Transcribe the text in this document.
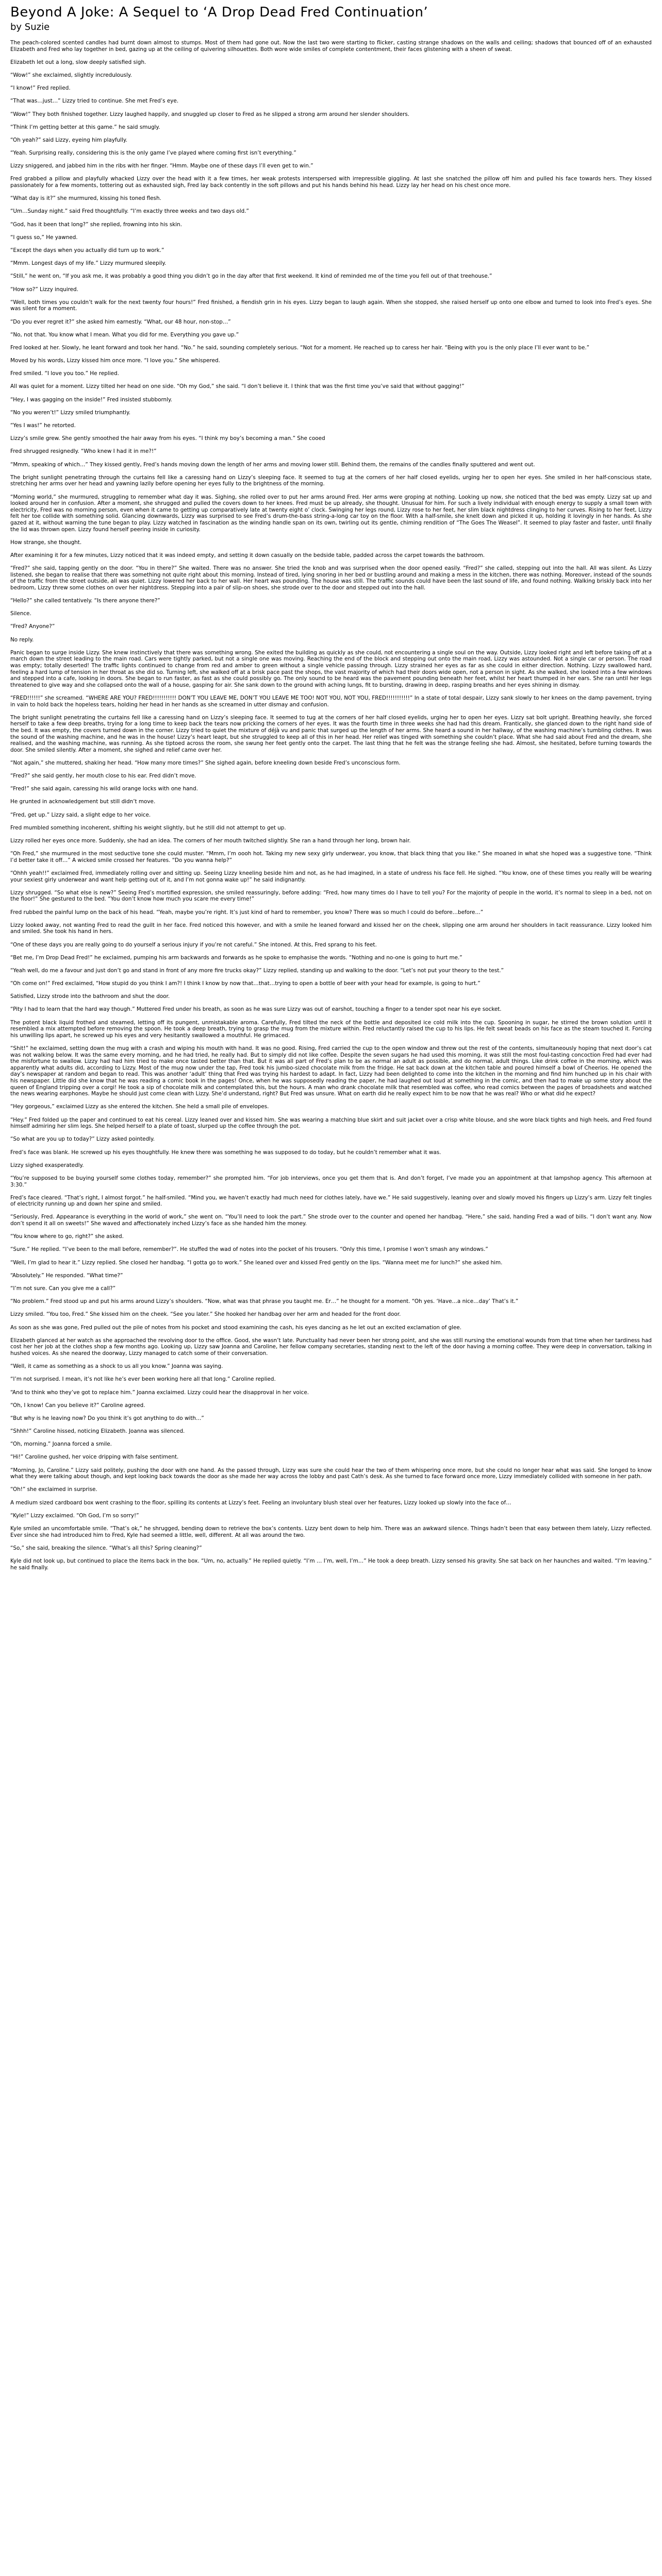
Beyond A Joke: A Sequel to ‘A Drop Dead Fred Continuation’
by Suzie

The peach-colored scented candles had burnt down almost to stumps. Most of them had gone out. Now the last two were starting to flicker, casting strange shadows on the walls and ceiling; shadows that bounced off of an exhausted Elizabeth and Fred who lay together in bed, gazing up at the ceiling of quivering silhouettes. Both wore wide smiles of complete contentment, their faces glistening with a sheen of sweat.

Elizabeth let out a long, slow deeply satisfied sigh.

“Wow!” she exclaimed, slightly incredulously.

“I know!” Fred replied.

“That was…just…” Lizzy tried to continue. She met Fred’s eye.

“Wow!” They both finished together. Lizzy laughed happily, and snuggled up closer to Fred as he slipped a strong arm around her slender shoulders.

“Think I’m getting better at this game.” he said smugly.

“Oh yeah?” said Lizzy, eyeing him playfully.

“Yeah. Surprising really, considering this is the only game I’ve played where coming first isn’t everything.”

Lizzy sniggered, and jabbed him in the ribs with her finger. “Hmm. Maybe one of these days I’ll even get to win.”

Fred grabbed a pillow and playfully whacked Lizzy over the head with it a few times, her weak protests interspersed with irrepressible giggling. At last she snatched the pillow off him and pulled his face towards hers. They kissed passionately for a few moments, tottering out as exhausted sigh, Fred lay back contently in the soft pillows and put his hands behind his head. Lizzy lay her head on his chest once more.

“What day is it?” she murmured, kissing his toned flesh.

“Um…Sunday night.” said Fred thoughtfully. “I’m exactly three weeks and two days old.”

“God, has it been that long?” she replied, frowning into his skin.

“I guess so,” He yawned.

“Except the days when you actually did turn up to work.”

“Mmm. Longest days of my life.” Lizzy murmured sleepily.

“Still,” he went on, “If you ask me, it was probably a good thing you didn’t go in the day after that first weekend. It kind of reminded me of the time you fell out of that treehouse.”

“How so?” Lizzy inquired.

“Well, both times you couldn’t walk for the next twenty four hours!” Fred finished, a fiendish grin in his eyes. Lizzy began to laugh again. When she stopped, she raised herself up onto one elbow and turned to look into Fred’s eyes. She was silent for a moment.

“Do you ever regret it?” she asked him earnestly. “What, our 48 hour, non-stop…”

“No, not that. You know what I mean. What you did for me. Everything you gave up.”

Fred looked at her. Slowly, he leant forward and took her hand. “No.” he said, sounding completely serious. “Not for a moment. He reached up to caress her hair. “Being with you is the only place I’ll ever want to be.”

Moved by his words, Lizzy kissed him once more. “I love you.” She whispered.

Fred smiled. “I love you too.” He replied.

All was quiet for a moment. Lizzy tilted her head on one side. “Oh my God,” she said. “I don’t believe it. I think that was the first time you’ve said that without gagging!”

“Hey, I was gagging on the inside!” Fred insisted stubbornly.

“No you weren’t!” Lizzy smiled triumphantly.

“Yes I was!” he retorted.

Lizzy’s smile grew. She gently smoothed the hair away from his eyes. “I think my boy’s becoming a man.” She cooed

Fred shrugged resignedly. “Who knew I had it in me?!”

“Mmm, speaking of which…” They kissed gently, Fred’s hands moving down the length of her arms and moving lower still. Behind them, the remains of the candles finally sputtered and went out.

The bright sunlight penetrating through the curtains fell like a caressing hand on Lizzy’s sleeping face. It seemed to tug at the corners of her half closed eyelids, urging her to open her eyes. She smiled in her half-conscious state, stretching her arms over her head and yawning lazily before opening her eyes fully to the brightness of the morning.

“Morning world,” she murmured, struggling to remember what day it was. Sighing, she rolled over to put her arms around Fred. Her arms were groping at nothing. Looking up now, she noticed that the bed was empty. Lizzy sat up and looked around her in confusion. After a moment, she shrugged and pulled the covers down to her knees. Fred must be up already, she thought. Unusual for him. For such a lively individual with enough energy to supply a small town with electricity, Fred was no morning person, even when it came to getting up comparatively late at twenty eight o’ clock. Swinging her legs round, Lizzy rose to her feet, her slim black nightdress clinging to her curves. Rising to her feet, Lizzy felt her toe collide with something solid. Glancing downwards, Lizzy was surprised to see Fred’s drum-the-bass string-a-long car toy on the floor. With a half-smile, she knelt down and picked it up, holding it lovingly in her hands. As she gazed at it, without warning the tune began to play. Lizzy watched in fascination as the winding handle span on its own, twirling out its gentle, chiming rendition of “The Goes The Weasel”. It seemed to play faster and faster, until finally the lid was thrown open. Lizzy found herself peering inside in curiosity.

How strange, she thought.

After examining it for a few minutes, Lizzy noticed that it was indeed empty, and setting it down casually on the bedside table, padded across the carpet towards the bathroom.

“Fred?” she said, tapping gently on the door. “You in there?” She waited. There was no answer. She tried the knob and was surprised when the door opened easily. “Fred?” she called, stepping out into the hall. All was silent. As Lizzy listened, she began to realise that there was something not quite right about this morning. Instead of tired, lying snoring in her bed or bustling around and making a mess in the kitchen, there was nothing. Moreover, instead of the sounds of the traffic from the street outside, all was quiet. Lizzy lowered her back to her wall. Her heart was pounding. The house was still. The traffic sounds could have been the last sound of life, and found nothing. Walking briskly back into her bedroom, Lizzy threw some clothes on over her nightdress. Stepping into a pair of slip-on shoes, she strode over to the door and stepped out into the hall.

“Hello?” she called tentatively. “Is there anyone there?”

Silence.

“Fred? Anyone?”

No reply.

Panic began to surge inside Lizzy. She knew instinctively that there was something wrong. She exited the building as quickly as she could, not encountering a single soul on the way. Outside, Lizzy looked right and left before taking off at a march down the street leading to the main road. Cars were tightly parked, but not a single one was moving. Reaching the end of the block and stepping out onto the main road, Lizzy was astounded. Not a single car or person. The road was empty; totally deserted! The traffic lights continued to change from red and amber to green without a single vehicle passing through. Lizzy strained her eyes as far as she could in either direction. Nothing. Lizzy swallowed hard, feeling a hard lump of tension in her throat as she did so. Turning left, she walked off at a brisk pace past the shops, the vast majority of which had their doors wide open, not a person in sight. As she walked, she looked into a few windows and stepped into a cafe, looking in doors. She began to run faster, as fast as she could possibly go. The only sound to be heard was the pavement pounding beneath her feet, whilst her heart thumped in her ears. She ran until her legs threatened to give way and she collapsed onto the wall of a house, gasping for air. She sank down to the ground with aching lungs, fit to bursting, drawing in deep, rasping breaths and her eyes shining in dismay.

“FRED!!!!!!” she screamed. “WHERE ARE YOU? FRED!!!!!!!!!!! DON’T YOU LEAVE ME, DON’T YOU LEAVE ME TOO! NOT YOU, NOT YOU, FRED!!!!!!!!!!!” In a state of total despair, Lizzy sank slowly to her knees on the damp pavement, trying in vain to hold back the hopeless tears, holding her head in her hands as she screamed in utter dismay and confusion.

The bright sunlight penetrating the curtains fell like a caressing hand on Lizzy’s sleeping face. It seemed to tug at the corners of her half closed eyelids, urging her to open her eyes. Lizzy sat bolt upright. Breathing heavily, she forced herself to take a few deep breaths, trying for a long time to keep back the tears now pricking the corners of her eyes. It was the fourth time in three weeks she had had this dream. Frantically, she glanced down to the right hand side of the bed. It was empty, the covers turned down in the corner. Lizzy tried to quiet the mixture of déjà vu and panic that surged up the length of her arms. She heard a sound in her hallway, of the washing machine’s tumbling clothes. It was the sound of the washing machine, and he was in the house! Lizzy’s heart leapt, but she struggled to keep all of this in her head. Her relief was tinged with something she couldn’t place. What she had said about Fred and the dream, she realised, and the washing machine, was running. As she tiptoed across the room, she swung her feet gently onto the carpet. The last thing that he felt was the strange feeling she had. Almost, she hesitated, before turning towards the door. She smiled silently. After a moment, she sighed and relief came over her.

“Not again,” she muttered, shaking her head. “How many more times?” She sighed again, before kneeling down beside Fred’s unconscious form.

“Fred?” she said gently, her mouth close to his ear. Fred didn’t move.

“Fred!” she said again, caressing his wild orange locks with one hand.

He grunted in acknowledgement but still didn’t move.

“Fred, get up.” Lizzy said, a slight edge to her voice.

Fred mumbled something incoherent, shifting his weight slightly, but he still did not attempt to get up.

Lizzy rolled her eyes once more. Suddenly, she had an idea. The corners of her mouth twitched slightly. She ran a hand through her long, brown hair.

“Oh Fred,” she murmured in the most seductive tone she could muster. “Mmm, I’m oooh hot. Taking my new sexy girly underwear, you know, that black thing that you like.” She moaned in what she hoped was a suggestive tone. “Think I’d better take it off…” A wicked smile crossed her features. “Do you wanna help?”

“Ohhh yeah!!” exclaimed Fred, immediately rolling over and sitting up. Seeing Lizzy kneeling beside him and not, as he had imagined, in a state of undress his face fell. He sighed. “You know, one of these times you really will be wearing your sexiest girly underwear and want help getting out of it, and I’m not gonna wake up!” he said indignantly.

Lizzy shrugged. “So what else is new?” Seeing Fred’s mortified expression, she smiled reassuringly, before adding: “Fred, how many times do I have to tell you? For the majority of people in the world, it’s normal to sleep in a bed, not on the floor!” She gestured to the bed. “You don’t know how much you scare me every time!”

Fred rubbed the painful lump on the back of his head. “Yeah, maybe you’re right. It’s just kind of hard to remember, you know? There was so much I could do before…before…”

Lizzy looked away, not wanting Fred to read the guilt in her face. Fred noticed this however, and with a smile he leaned forward and kissed her on the cheek, slipping one arm around her shoulders in tacit reassurance. Lizzy looked him and smiled. She took his hand in hers.

“One of these days you are really going to do yourself a serious injury if you’re not careful.” She intoned. At this, Fred sprang to his feet.

“Bet me, I’m Drop Dead Fred!” he exclaimed, pumping his arm backwards and forwards as he spoke to emphasise the words. “Nothing and no-one is going to hurt me.”

“Yeah well, do me a favour and just don’t go and stand in front of any more fire trucks okay?” Lizzy replied, standing up and walking to the door. “Let’s not put your theory to the test.”

“Oh come on!” Fred exclaimed, “How stupid do you think I am?! I think I know by now that…that…trying to open a bottle of beer with your head for example, is going to hurt.”

Satisfied, Lizzy strode into the bathroom and shut the door.

“Pity I had to learn that the hard way though.” Muttered Fred under his breath, as soon as he was sure Lizzy was out of earshot, touching a finger to a tender spot near his eye socket.

The potent black liquid frothed and steamed, letting off its pungent, unmistakable aroma. Carefully, Fred tilted the neck of the bottle and deposited ice cold milk into the cup. Spooning in sugar, he stirred the brown solution until it resembled a mix attempted before removing the spoon. He took a deep breath, trying to grasp the mug from the mixture within. Fred reluctantly raised the cup to his lips. He felt sweat beads on his face as the steam touched it. Forcing his unwilling lips apart, he screwed up his eyes and very hesitantly swallowed a mouthful. He grimaced.

“Shit!” he exclaimed, setting down the mug with a crash and wiping his mouth with hand. It was no good. Rising, Fred carried the cup to the open window and threw out the rest of the contents, simultaneously hoping that next door’s cat was not walking below. It was the same every morning, and he had tried, he really had. But to simply did not like coffee. Despite the seven sugars he had used this morning, it was still the most foul-tasting concoction Fred had ever had the misfortune to swallow. Lizzy had had him tried to make once tasted better than that. But it was all part of Fred’s plan to be as normal an adult as possible, and do normal, adult things. Like drink coffee in the morning, which was apparently what adults did, according to Lizzy. Most of the mug now under the tap, Fred took his jumbo-sized chocolate milk from the fridge. He sat back down at the kitchen table and poured himself a bowl of Cheerios. He opened the day’s newspaper at random and began to read. This was another ‘adult’ thing that Fred was trying his hardest to adapt. In fact, Lizzy had been delighted to come into the kitchen in the morning and find him hunched up in his chair with his newspaper. Little did she know that he was reading a comic book in the pages! Once, when he was supposedly reading the paper, he had laughed out loud at something in the comic, and then had to make up some story about the queen of England tripping over a corgi! He took a sip of chocolate milk and contemplated this, but the hours. A man who drank chocolate milk that resembled was coffee, who read comics between the pages of broadsheets and watched the news wearing earphones. Maybe he should just come clean with Lizzy. She’d understand, right? But Fred was unsure. What on earth did he really expect him to be now that he was real? Who or what did he expect?

“Hey gorgeous,” exclaimed Lizzy as she entered the kitchen. She held a small pile of envelopes.

“Hey.” Fred folded up the paper and continued to eat his cereal. Lizzy leaned over and kissed him. She was wearing a matching blue skirt and suit jacket over a crisp white blouse, and she wore black tights and high heels, and Fred found himself admiring her slim legs. She helped herself to a plate of toast, slurped up the coffee through the pot.

“So what are you up to today?” Lizzy asked pointedly.

Fred’s face was blank. He screwed up his eyes thoughtfully. He knew there was something he was supposed to do today, but he couldn’t remember what it was.

Lizzy sighed exasperatedly.

“You’re supposed to be buying yourself some clothes today, remember?” she prompted him. “For job interviews, once you get them that is. And don’t forget, I’ve made you an appointment at that lampshop agency. This afternoon at 3:30.”

Fred’s face cleared. “That’s right, I almost forgot.” he half-smiled. “Mind you, we haven’t exactly had much need for clothes lately, have we.” He said suggestively, leaning over and slowly moved his fingers up Lizzy’s arm. Lizzy felt tingles of electricity running up and down her spine and smiled.

“Seriously, Fred. Appearance is everything in the world of work,” she went on. “You’ll need to look the part.” She strode over to the counter and opened her handbag. “Here,” she said, handing Fred a wad of bills. “I don’t want any. Now don’t spend it all on sweets!” She waved and affectionately inched Lizzy’s face as she handed him the money.

“You know where to go, right?” she asked.

“Sure.” He replied. “I’ve been to the mall before, remember?”. He stuffed the wad of notes into the pocket of his trousers. “Only this time, I promise I won’t smash any windows.”

“Well, I’m glad to hear it.” Lizzy replied. She closed her handbag. “I gotta go to work.” She leaned over and kissed Fred gently on the lips. “Wanna meet me for lunch?” she asked him.

“Absolutely.” He responded. “What time?”

“I’m not sure. Can you give me a call?”

“No problem.” Fred stood up and put his arms around Lizzy’s shoulders. “Now, what was that phrase you taught me. Er…” he thought for a moment. “Oh yes. ‘Have…a nice…day’ That’s it.”

Lizzy smiled. “You too, Fred.” She kissed him on the cheek. “See you later.” She hooked her handbag over her arm and headed for the front door.

As soon as she was gone, Fred pulled out the pile of notes from his pocket and stood examining the cash, his eyes dancing as he let out an excited exclamation of glee.

Elizabeth glanced at her watch as she approached the revolving door to the office. Good, she wasn’t late. Punctuality had never been her strong point, and she was still nursing the emotional wounds from that time when her tardiness had cost her her job at the clothes shop a few months ago. Looking up, Lizzy saw Joanna and Caroline, her fellow company secretaries, standing next to the left of the door having a morning coffee. They were deep in conversation, talking in hushed voices. As she neared the doorway, Lizzy managed to catch some of their conversation.

“Well, it came as something as a shock to us all you know.” Joanna was saying.

“I’m not surprised. I mean, it’s not like he’s ever been working here all that long.” Caroline replied.

“And to think who they’ve got to replace him.” Joanna exclaimed. Lizzy could hear the disapproval in her voice.

“Oh, I know! Can you believe it?” Caroline agreed.

“But why is he leaving now? Do you think it’s got anything to do with…”

“Shhh!” Caroline hissed, noticing Elizabeth. Joanna was silenced.

“Oh, morning.” Joanna forced a smile.

“Hi!” Caroline gushed, her voice dripping with false sentiment.

“Morning, Jo, Caroline.” Lizzy said politely, pushing the door with one hand. As the passed through, Lizzy was sure she could hear the two of them whispering once more, but she could no longer hear what was said. She longed to know what they were talking about though, and kept looking back towards the door as she made her way across the lobby and past Cath’s desk. As she turned to face forward once more, Lizzy immediately collided with someone in her path.

“Oh!” she exclaimed in surprise.

A medium sized cardboard box went crashing to the floor, spilling its contents at Lizzy’s feet. Feeling an involuntary blush steal over her features, Lizzy looked up slowly into the face of…

“Kyle!” Lizzy exclaimed. “Oh God, I’m so sorry!”

Kyle smiled an uncomfortable smile. “That’s ok,” he shrugged, bending down to retrieve the box’s contents. Lizzy bent down to help him. There was an awkward silence. Things hadn’t been that easy between them lately, Lizzy reflected. Ever since she had introduced him to Fred, Kyle had seemed a little, well, different. At all was around the two.

“So,” she said, breaking the silence. “What’s all this? Spring cleaning?”

Kyle did not look up, but continued to place the items back in the box. “Um, no, actually.” He replied quietly. “I’m … I’m, well, I’m…” He took a deep breath. Lizzy sensed his gravity. She sat back on her haunches and waited. “I’m leaving.” he said finally.
